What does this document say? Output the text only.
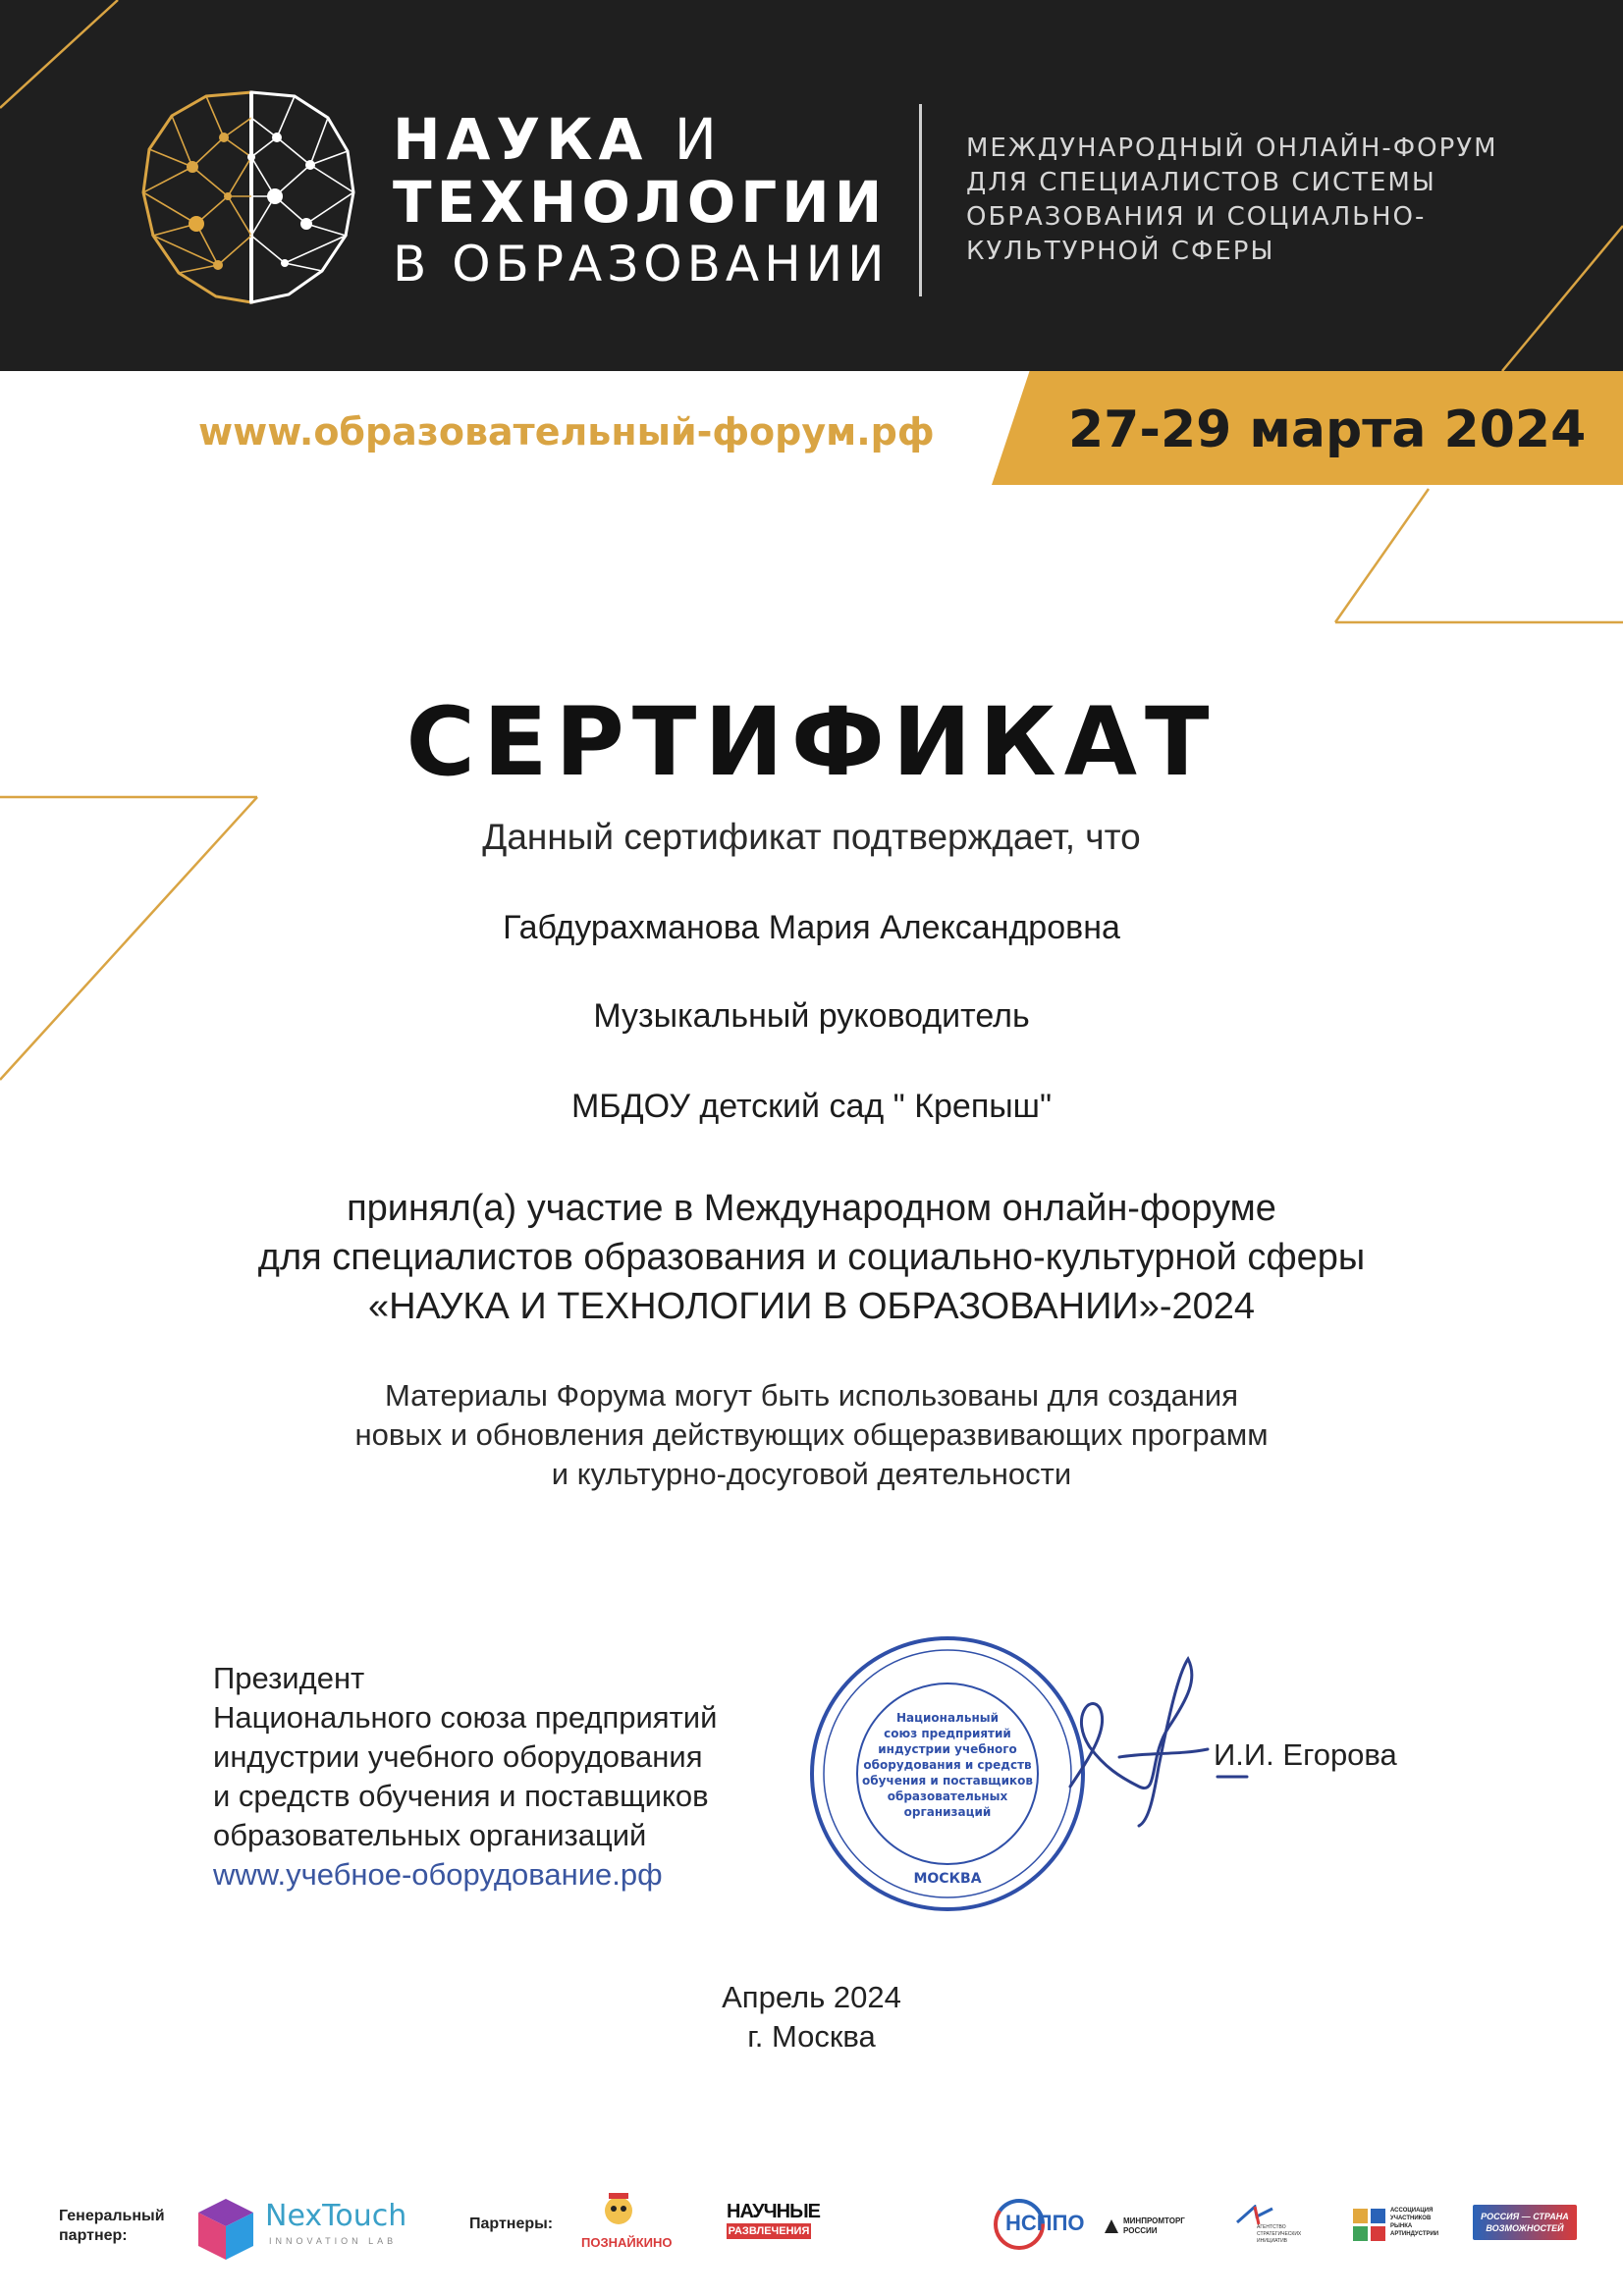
НАУКА И
ТЕХНОЛОГИИ
В ОБРАЗОВАНИИ
МЕЖДУНАРОДНЫЙ ОНЛАЙН-ФОРУМ
ДЛЯ СПЕЦИАЛИСТОВ СИСТЕМЫ
ОБРАЗОВАНИЯ И СОЦИАЛЬНО-
КУЛЬТУРНОЙ СФЕРЫ
www.образовательный-форум.рф	27-29 марта 2024
СЕРТИФИКАТ
Данный сертификат подтверждает, что
Габдурахманова Мария Александровна
Музыкальный руководитель
МБДОУ детский сад " Крепыш"
принял(а) участие в Международном онлайн-форуме
для специалистов образования и социально-культурной сферы
«НАУКА И ТЕХНОЛОГИИ В ОБРАЗОВАНИИ»-2024
Материалы Форума могут быть использованы для создания
новых и обновления действующих общеразвивающих программ
и культурно-досуговой деятельности
Президент
Национального союза предприятий
индустрии учебного оборудования
и средств обучения и поставщиков
образовательных организаций
www.учебное-оборудование.рф
Национальный
союз предприятий
индустрии учебного
оборудования и средств
обучения и поставщиков
образовательных
организаций
МОСКВА
И.И. Егорова
Апрель 2024
г. Москва
Генеральный
партнер:
NexTouch
INNOVATION LAB
Партнеры:
ПОЗНАЙКИНО
НАУЧНЫЕ
РАЗВЛЕЧЕНИЯ	НСППО	МИНПРОМТОРГ РОССИИ	АГЕНТСТВО СТРАТЕГИЧЕСКИХ ИНИЦИАТИВ
АССОЦИАЦИЯ УЧАСТНИКОВ РЫНКА АРТИНДУСТРИИ
РОССИЯ — СТРАНА ВОЗМОЖНОСТЕЙ
